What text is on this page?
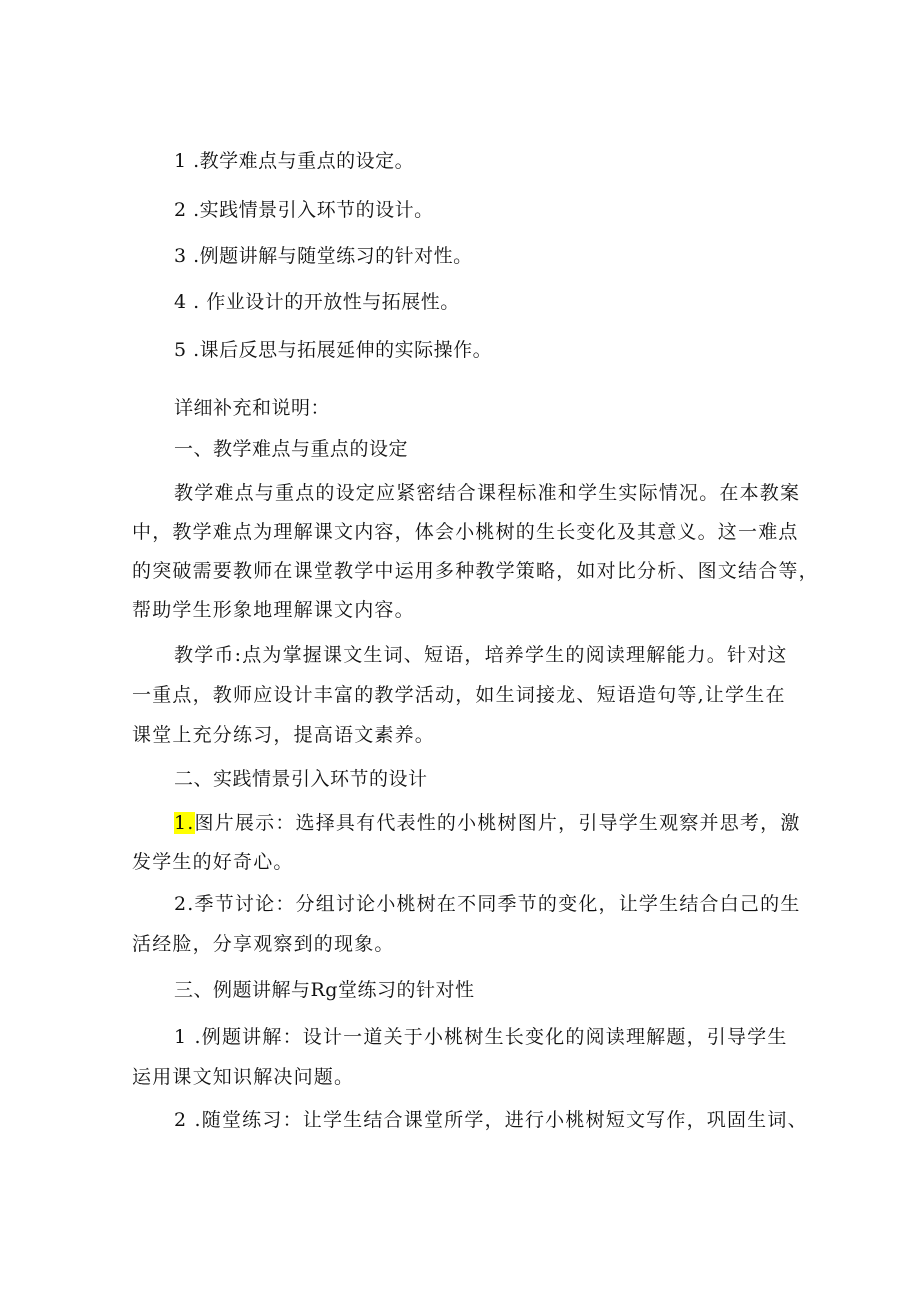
1 .教学难点与重点的设定。
2 .实践情景引入环节的设计。
3 .例题讲解与随堂练习的针对性。
4 . 作业设计的开放性与拓展性。
5 .课后反思与拓展延伸的实际操作。
详细补充和说明：
一、教学难点与重点的设定
教学难点与重点的设定应紧密结合课程标准和学生实际情况。在本教案
中，教学难点为理解课文内容，体会小桃树的生长变化及其意义。这一难点
的突破需要教师在课堂教学中运用多种教学策略，如对比分析、图文结合等，
帮助学生形象地理解课文内容。
教学币:点为掌握课文生词、短语，培养学生的阅读理解能力。针对这
一重点，教师应设计丰富的教学活动，如生词接龙、短语造句等,让学生在
课堂上充分练习，提高语文素养。
二、实践情景引入环节的设计
1.图片展示：选择具有代表性的小桃树图片，引导学生观察并思考，激
发学生的好奇心。
2.季节讨论：分组讨论小桃树在不同季节的变化，让学生结合白己的生
活经脸，分享观察到的现象。
三、例题讲解与Rg堂练习的针对性
1 .例题讲解：设计一道关于小桃树生长变化的阅读理解题，引导学生
运用课文知识解决问题。
2 .随堂练习：让学生结合课堂所学，进行小桃树短文写作，巩固生词、
